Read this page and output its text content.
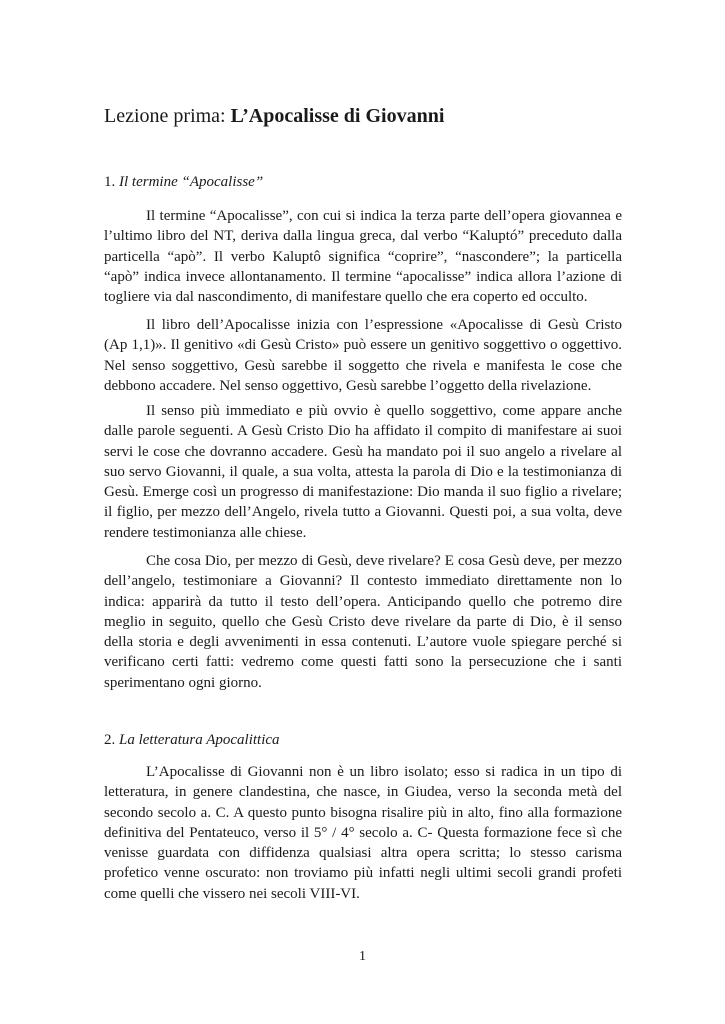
Lezione prima: L’Apocalisse di Giovanni
1. Il termine “Apocalisse”

Il termine “Apocalisse”, con cui si indica la terza parte dell’opera giovannea e l’ultimo libro del NT, deriva dalla lingua greca, dal verbo “Kaluptó” preceduto dalla particella “apò”. Il verbo Kaluptô significa “coprire”, “nascondere”; la particella “apò” indica invece allontanamento. Il termine “apocalisse” indica allora l’azione di togliere via dal nascondimento, di manifestare quello che era coperto ed occulto.

Il libro dell’Apocalisse inizia con l’espressione «Apocalisse di Gesù Cristo (Ap 1,1)». Il genitivo «di Gesù Cristo» può essere un genitivo soggettivo o oggettivo. Nel senso soggettivo, Gesù sarebbe il soggetto che rivela e manifesta le cose che debbono accadere. Nel senso oggettivo, Gesù sarebbe l’oggetto della rivelazione.

Il senso più immediato e più ovvio è quello soggettivo, come appare anche dalle parole seguenti. A Gesù Cristo Dio ha affidato il compito di manifestare ai suoi servi le cose che dovranno accadere. Gesù ha mandato poi il suo angelo a rivelare al suo servo Giovanni, il quale, a sua volta, attesta la parola di Dio e la testimonianza di Gesù. Emerge così un progresso di manifestazione: Dio manda il suo figlio a rivelare; il figlio, per mezzo dell’Angelo, rivela tutto a Giovanni. Questi poi, a sua volta, deve rendere testimonianza alle chiese.

Che cosa Dio, per mezzo di Gesù, deve rivelare? E cosa Gesù deve, per mezzo dell’angelo, testimoniare a Giovanni? Il contesto immediato direttamente non lo indica: apparirà da tutto il testo dell’opera. Anticipando quello che potremo dire meglio in seguito, quello che Gesù Cristo deve rivelare da parte di Dio, è il senso della storia e degli avvenimenti in essa contenuti. L’autore vuole spiegare perché si verificano certi fatti: vedremo come questi fatti sono la persecuzione che i santi sperimentano ogni giorno.

2. La letteratura Apocalittica

L’Apocalisse di Giovanni non è un libro isolato; esso si radica in un tipo di letteratura, in genere clandestina, che nasce, in Giudea, verso la seconda metà del secondo secolo a. C. A questo punto bisogna risalire più in alto, fino alla formazione definitiva del Pentateuco, verso il 5° / 4° secolo a. C- Questa formazione fece sì che venisse guardata con diffidenza qualsiasi altra opera scritta; lo stesso carisma profetico venne oscurato: non troviamo più infatti negli ultimi secoli grandi profeti come quelli che vissero nei secoli VIII-VI.

1
